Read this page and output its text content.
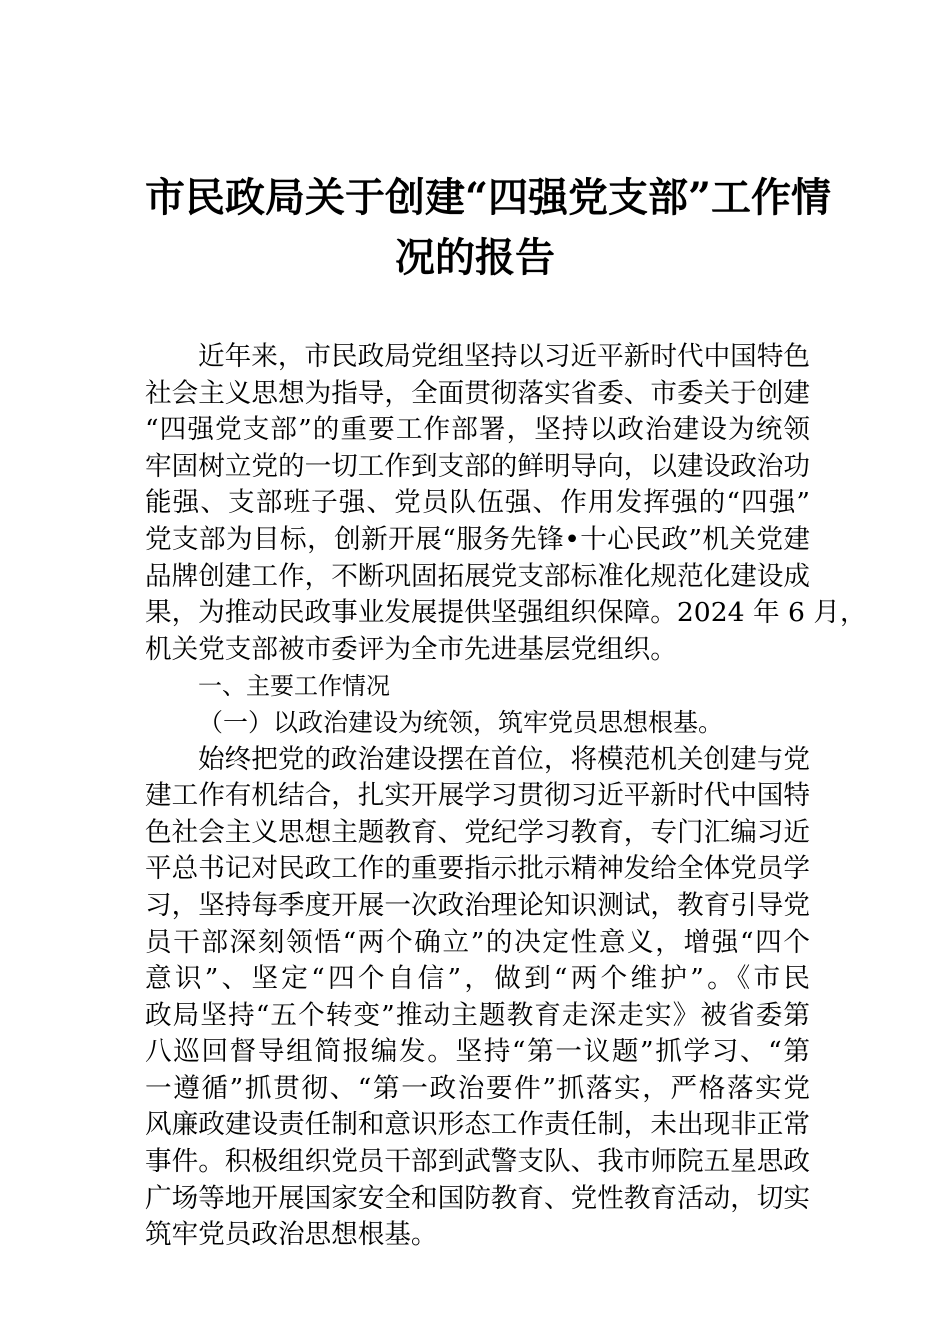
市民政局关于创建“四强党支部”工作情
况的报告
近年来，市民政局党组坚持以习近平新时代中国特色
社会主义思想为指导，全面贯彻落实省委、市委关于创建
“四强党支部”的重要工作部署，坚持以政治建设为统领
牢固树立党的一切工作到支部的鲜明导向，以建设政治功
能强、支部班子强、党员队伍强、作用发挥强的“四强”
党支部为目标，创新开展“服务先锋•十心民政”机关党建
品牌创建工作，不断巩固拓展党支部标准化规范化建设成
果，为推动民政事业发展提供坚强组织保障。2024 年 6 月，
机关党支部被市委评为全市先进基层党组织。
一、主要工作情况
（一）以政治建设为统领，筑牢党员思想根基。
始终把党的政治建设摆在首位，将模范机关创建与党
建工作有机结合，扎实开展学习贯彻习近平新时代中国特
色社会主义思想主题教育、党纪学习教育，专门汇编习近
平总书记对民政工作的重要指示批示精神发给全体党员学
习，坚持每季度开展一次政治理论知识测试，教育引导党
员干部深刻领悟“两个确立”的决定性意义，增强“四个
意识”、坚定“四个自信”，做到“两个维护”。《市民
政局坚持“五个转变”推动主题教育走深走实》被省委第
八巡回督导组简报编发。坚持“第一议题”抓学习、“第
一遵循”抓贯彻、“第一政治要件”抓落实，严格落实党
风廉政建设责任制和意识形态工作责任制，未出现非正常
事件。积极组织党员干部到武警支队、我市师院五星思政
广场等地开展国家安全和国防教育、党性教育活动，切实
筑牢党员政治思想根基。
